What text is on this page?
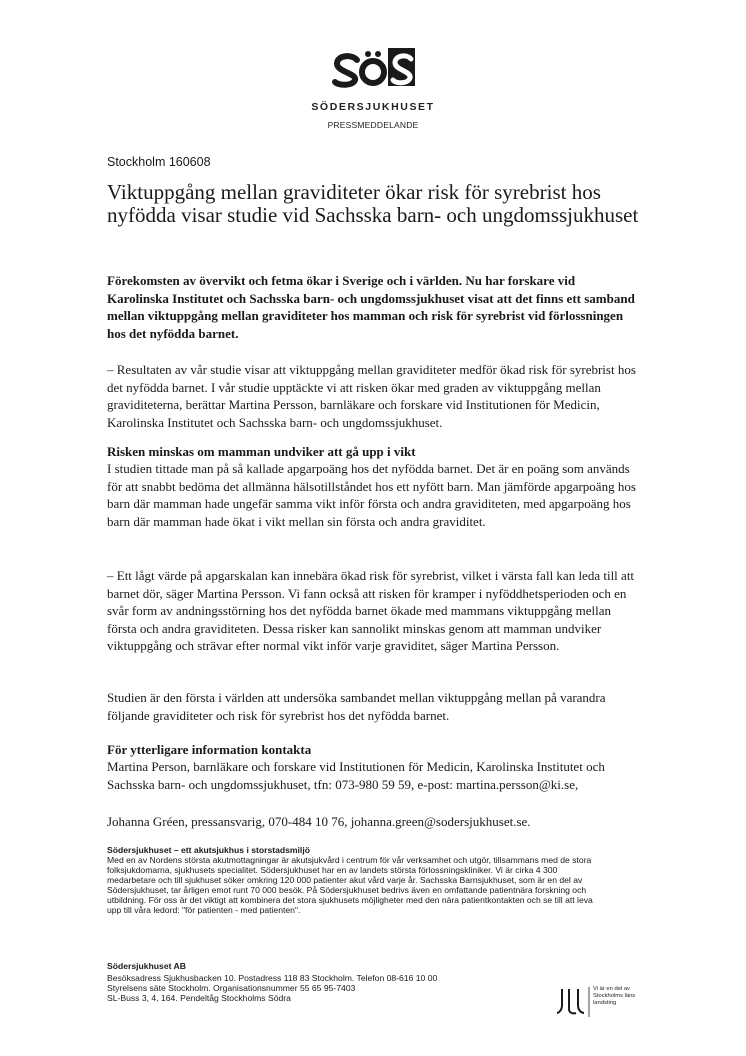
SÖDERSJUKHUSET
PRESSMEDDELANDE
Stockholm 160608
Viktuppgång mellan graviditeter ökar risk för syrebrist hos nyfödda visar studie vid Sachsska barn- och ungdomssjukhuset

Förekomsten av övervikt och fetma ökar i Sverige och i världen. Nu har forskare vid Karolinska Institutet och Sachsska barn- och ungdomssjukhuset visat att det finns ett samband mellan viktuppgång mellan graviditeter hos mamman och risk för syrebrist vid förlossningen hos det nyfödda barnet.

– Resultaten av vår studie visar att viktuppgång mellan graviditeter medför ökad risk för syrebrist hos det nyfödda barnet. I vår studie upptäckte vi att risken ökar med graden av viktuppgång mellan graviditeterna, berättar Martina Persson, barnläkare och forskare vid Institutionen för Medicin, Karolinska Institutet och Sachsska barn- och ungdomssjukhuset.

Risken minskas om mamman undviker att gå upp i vikt

I studien tittade man på så kallade apgarpoäng hos det nyfödda barnet. Det är en poäng som används för att snabbt bedöma det allmänna hälsotillståndet hos ett nyfött barn. Man jämförde apgarpoäng hos barn där mamman hade ungefär samma vikt inför första och andra graviditeten, med apgarpoäng hos barn där mamman hade ökat i vikt mellan sin första och andra graviditet.

– Ett lågt värde på apgarskalan kan innebära ökad risk för syrebrist, vilket i värsta fall kan leda till att barnet dör, säger Martina Persson. Vi fann också att risken för kramper i nyföddhetsperioden och en svår form av andningsstörning hos det nyfödda barnet ökade med mammans viktuppgång mellan första och andra graviditeten. Dessa risker kan sannolikt minskas genom att mamman undviker viktuppgång och strävar efter normal vikt inför varje graviditet, säger Martina Persson.

Studien är den första i världen att undersöka sambandet mellan viktuppgång mellan på varandra följande graviditeter och risk för syrebrist hos det nyfödda barnet.

För ytterligare information kontakta

Martina Person, barnläkare och forskare vid Institutionen för Medicin, Karolinska Institutet och Sachsska barn- och ungdomssjukhuset, tfn: 073-980 59 59, e-post: martina.persson@ki.se,

Johanna Gréen, pressansvarig, 070-484 10 76, johanna.green@sodersjukhuset.se.

Södersjukhuset – ett akutsjukhus i storstadsmiljö

Med en av Nordens största akutmottagningar är akutsjukvård i centrum för vår verksamhet och utgör, tillsammans med de stora folksjukdomarna, sjukhusets specialitet. Södersjukhuset har en av landets största förlossningskliniker. Vi är cirka 4 300 medarbetare och till sjukhuset söker omkring 120 000 patienter akut vård varje år. Sachsska Barnsjukhuset, som är en del av Södersjukhuset, tar årligen emot runt 70 000 besök. På Södersjukhuset bedrivs även en omfattande patientnära forskning och utbildning. För oss är det viktigt att kombinera det stora sjukhusets möjligheter med den nära patientkontakten och se till att leva upp till våra ledord: "för patienten - med patienten".

Södersjukhuset AB

Besöksadress Sjukhusbacken 10. Postadress 118 83 Stockholm. Telefon 08-616 10 00
Styrelsens säte Stockholm. Organisationsnummer 55 65 95-7403
SL-Buss 3, 4, 164. Pendeltåg Stockholms Södra
Vi är en del av Stockholms läns landsting
